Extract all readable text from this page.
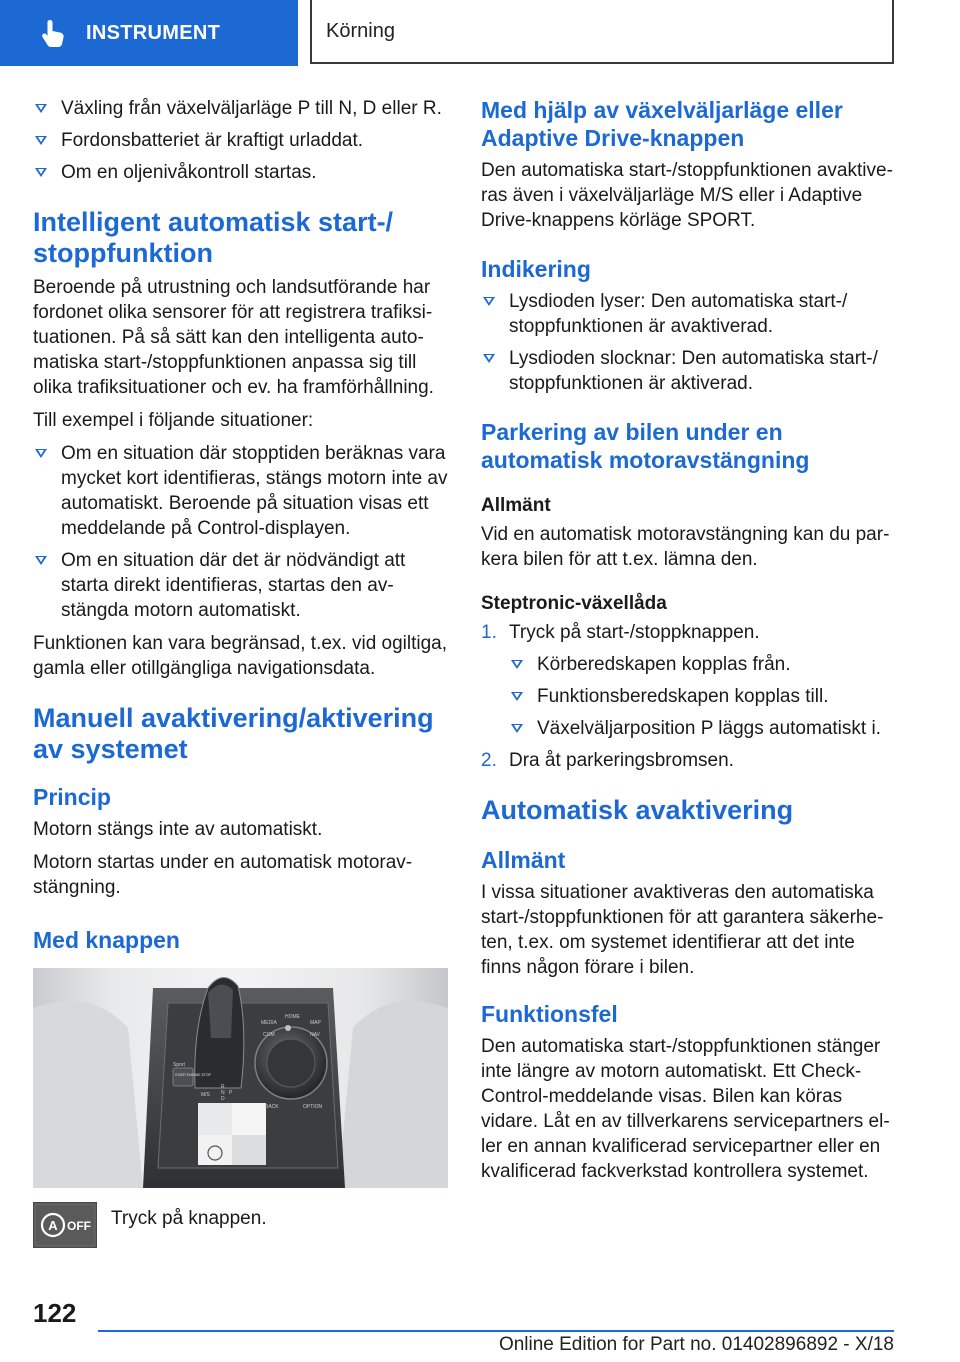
INSTRUMENT	Körning
Växling från växelväljarläge P till N, D eller R.
Fordonsbatteriet är kraftigt urladdat.
Om en oljenivåkontroll startas.
Intelligent automatisk start-/ stoppfunktion

Beroende på utrustning och landsutförande har fordonet olika sensorer för att registrera trafiksituationen. På så sätt kan den intelligenta automatiska start-/stoppfunktionen anpassa sig till olika trafiksituationer och ev. ha framförhållning.

Till exempel i följande situationer:

Om en situation där stopptiden beräknas vara mycket kort identifieras, stängs motorn inte av automatiskt. Beroende på situation visas ett meddelande på Control-displayen.
Om en situation där det är nödvändigt att starta direkt identifieras, startas den avstängda motorn automatiskt.

Funktionen kan vara begränsad, t.ex. vid ogiltiga, gamla eller otillgängliga navigationsdata.

Manuell avaktivering/aktivering av systemet
Princip

Motorn stängs inte av automatiskt.

Motorn startas under en automatisk motoravstängning.

Med knappen
MEDIA
HOME
MAP
COM	NAV
BACK	OPTION
Sport
START ENGINE STOP
M/S
R
N
D
P
A OFF Tryck på knappen.

Med hjälp av växelväljarläge eller Adaptive Drive-knappen

Den automatiska start-/stoppfunktionen avaktiveras även i växelväljarläge M/S eller i Adaptive Drive-knappens körläge SPORT.

Indikering
Lysdioden lyser: Den automatiska start-/ stoppfunktionen är avaktiverad.
Lysdioden slocknar: Den automatiska start-/ stoppfunktionen är aktiverad.
Parkering av bilen under en automatisk motoravstängning
Allmänt

Vid en automatisk motoravstängning kan du parkera bilen för att t.ex. lämna den.

Steptronic-växellåda
1. Tryck på start-/stoppknappen.
Körberedskapen kopplas från.
Funktionsberedskapen kopplas till.
Växelväljarposition P läggs automatiskt i.
2. Dra åt parkeringsbromsen.
Automatisk avaktivering
Allmänt

I vissa situationer avaktiveras den automatiska start-/stoppfunktionen för att garantera säkerheten, t.ex. om systemet identifierar att det inte finns någon förare i bilen.

Funktionsfel

Den automatiska start-/stoppfunktionen stänger inte längre av motorn automatiskt. Ett Check-Control-meddelande visas. Bilen kan köras vidare. Låt en av tillverkarens servicepartners eller en annan kvalificerad servicepartner eller en kvalificerad fackverkstad kontrollera systemet.

122
Online Edition for Part no. 01402896892 - X/18
